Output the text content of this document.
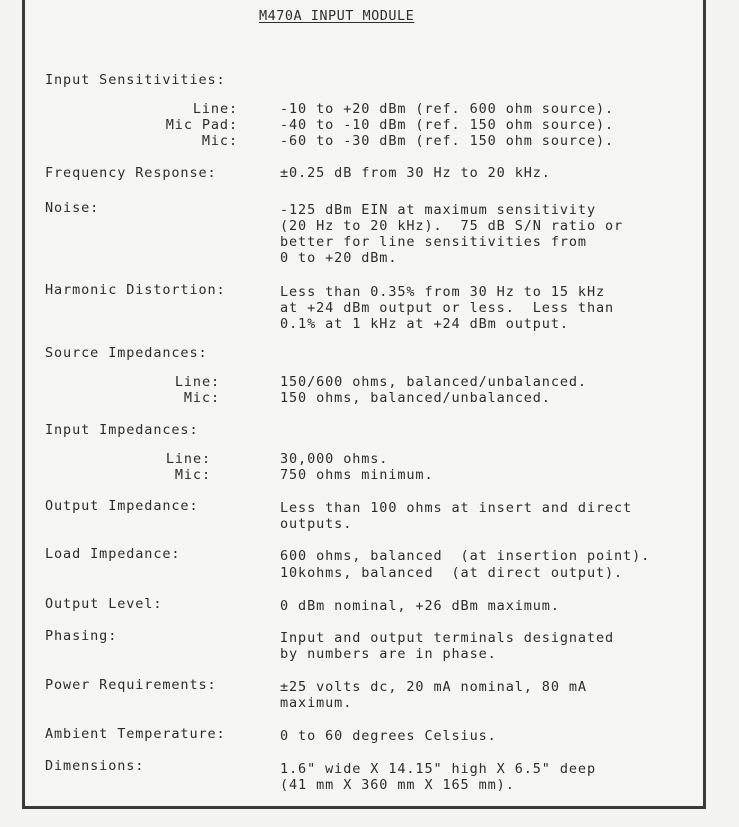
M470A INPUT MODULE
Input Sensitivities:
Line:	-10 to +20 dBm (ref. 600 ohm source).
Mic Pad:	-40 to -10 dBm (ref. 150 ohm source).
Mic:	-60 to -30 dBm (ref. 150 ohm source).
Frequency Response:	±0.25 dB from 30 Hz to 20 kHz.
Noise:	-125 dBm EIN at maximum sensitivity
(20 Hz to 20 kHz).  75 dB S/N ratio or
better for line sensitivities from
0 to +20 dBm.
Harmonic Distortion:	Less than 0.35% from 30 Hz to 15 kHz
at +24 dBm output or less.  Less than
0.1% at 1 kHz at +24 dBm output.
Source Impedances:
Line:	150/600 ohms, balanced/unbalanced.
Mic:	150 ohms, balanced/unbalanced.
Input Impedances:
Line:	30,000 ohms.
Mic:	750 ohms minimum.
Output Impedance:	Less than 100 ohms at insert and direct
outputs.
Load Impedance:	600 ohms, balanced  (at insertion point).
10kohms, balanced  (at direct output).
Output Level:	0 dBm nominal, +26 dBm maximum.
Phasing:	Input and output terminals designated
by numbers are in phase.
Power Requirements:	±25 volts dc, 20 mA nominal, 80 mA
maximum.
Ambient Temperature:	0 to 60 degrees Celsius.
Dimensions:	1.6" wide X 14.15" high X 6.5" deep
(41 mm X 360 mm X 165 mm).
